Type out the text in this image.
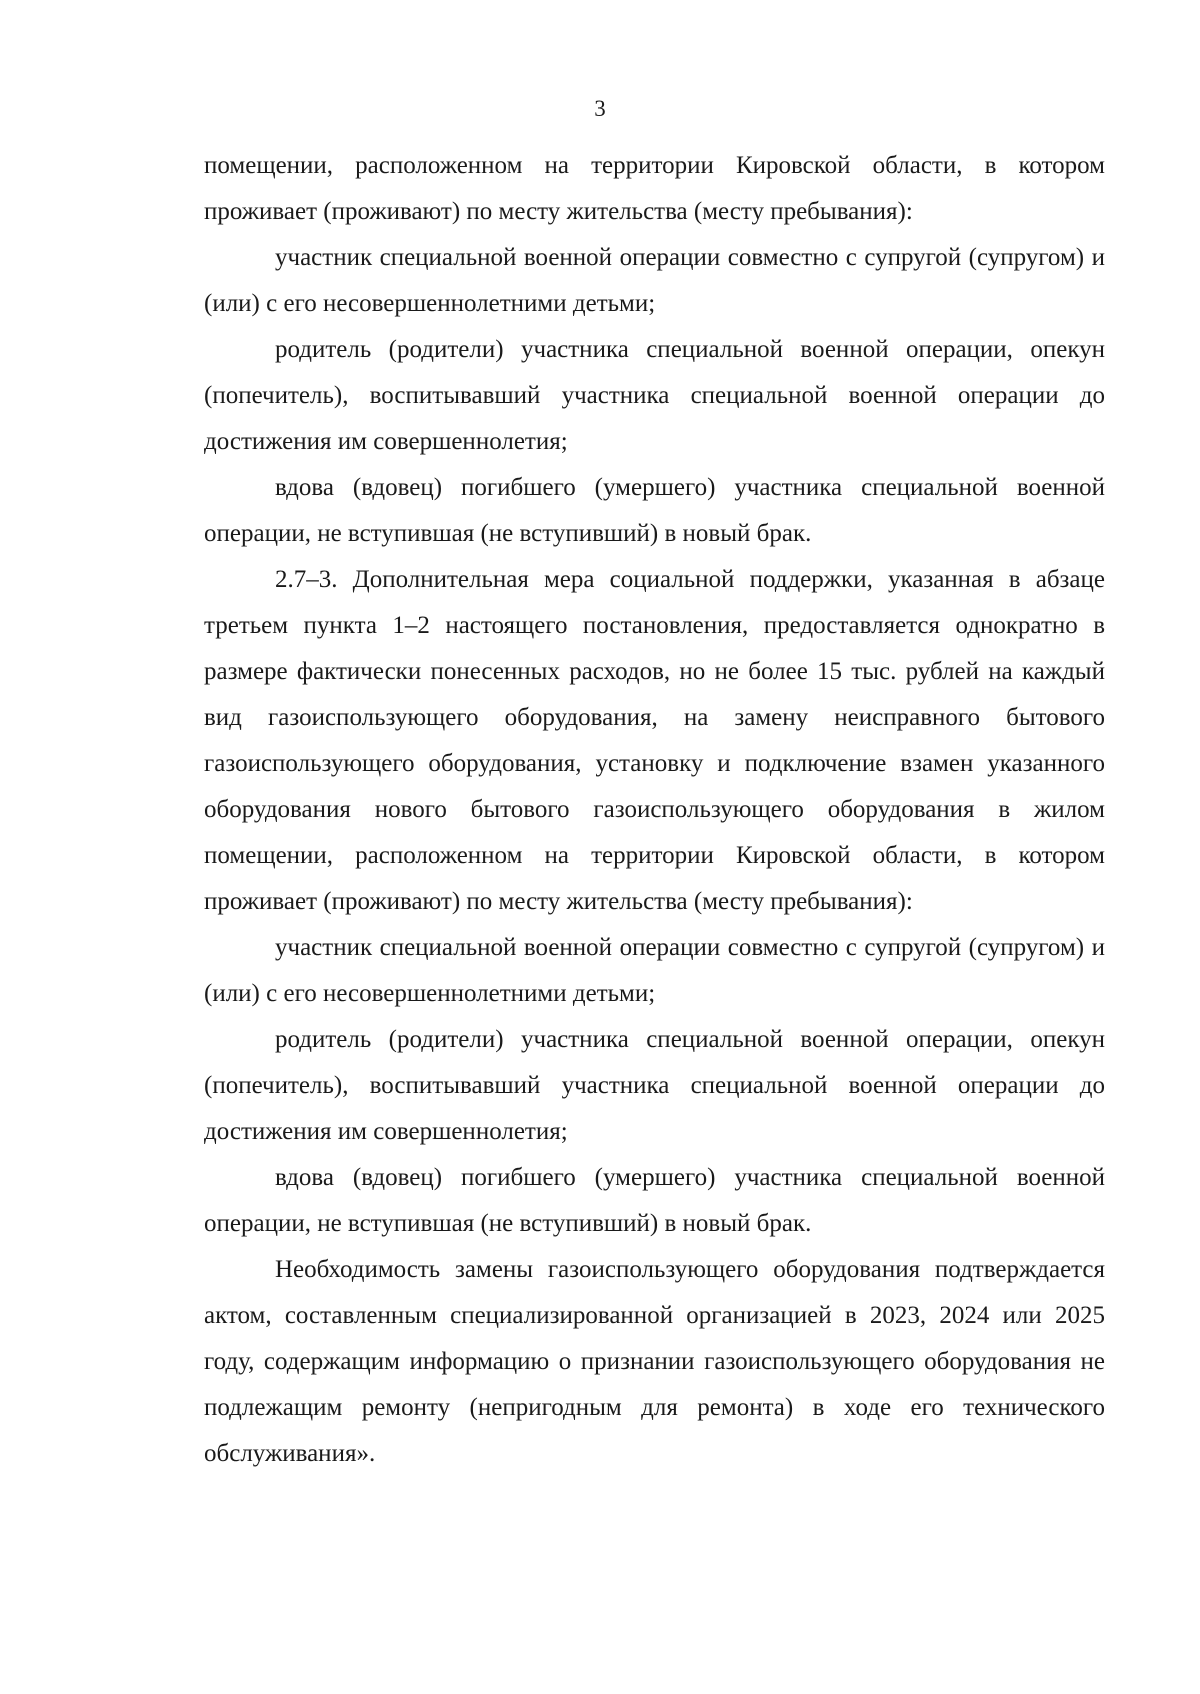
3

помещении, расположенном на территории Кировской области, в котором проживает (проживают) по месту жительства (месту пребывания):

участник специальной военной операции совместно с супругой (супругом) и (или) с его несовершеннолетними детьми;

родитель (родители) участника специальной военной операции, опекун (попечитель), воспитывавший участника специальной военной операции до достижения им совершеннолетия;

вдова (вдовец) погибшего (умершего) участника специальной военной операции, не вступившая (не вступивший) в новый брак.

2.7–3. Дополнительная мера социальной поддержки, указанная в абзаце третьем пункта 1–2 настоящего постановления, предоставляется однократно в размере фактически понесенных расходов, но не более 15 тыс. рублей на каждый вид газоиспользующего оборудования, на замену неисправного бытового газоиспользующего оборудования, установку и подключение взамен указанного оборудования нового бытового газоиспользующего оборудования в жилом помещении, расположенном на территории Кировской области, в котором проживает (проживают) по месту жительства (месту пребывания):

участник специальной военной операции совместно с супругой (супругом) и (или) с его несовершеннолетними детьми;

родитель (родители) участника специальной военной операции, опекун (попечитель), воспитывавший участника специальной военной операции до достижения им совершеннолетия;

вдова (вдовец) погибшего (умершего) участника специальной военной операции, не вступившая (не вступивший) в новый брак.

Необходимость замены газоиспользующего оборудования подтверждается актом, составленным специализированной организацией в 2023, 2024 или 2025 году, содержащим информацию о признании газоиспользующего оборудования не подлежащим ремонту (непригодным для ремонта) в ходе его технического обслуживания».
